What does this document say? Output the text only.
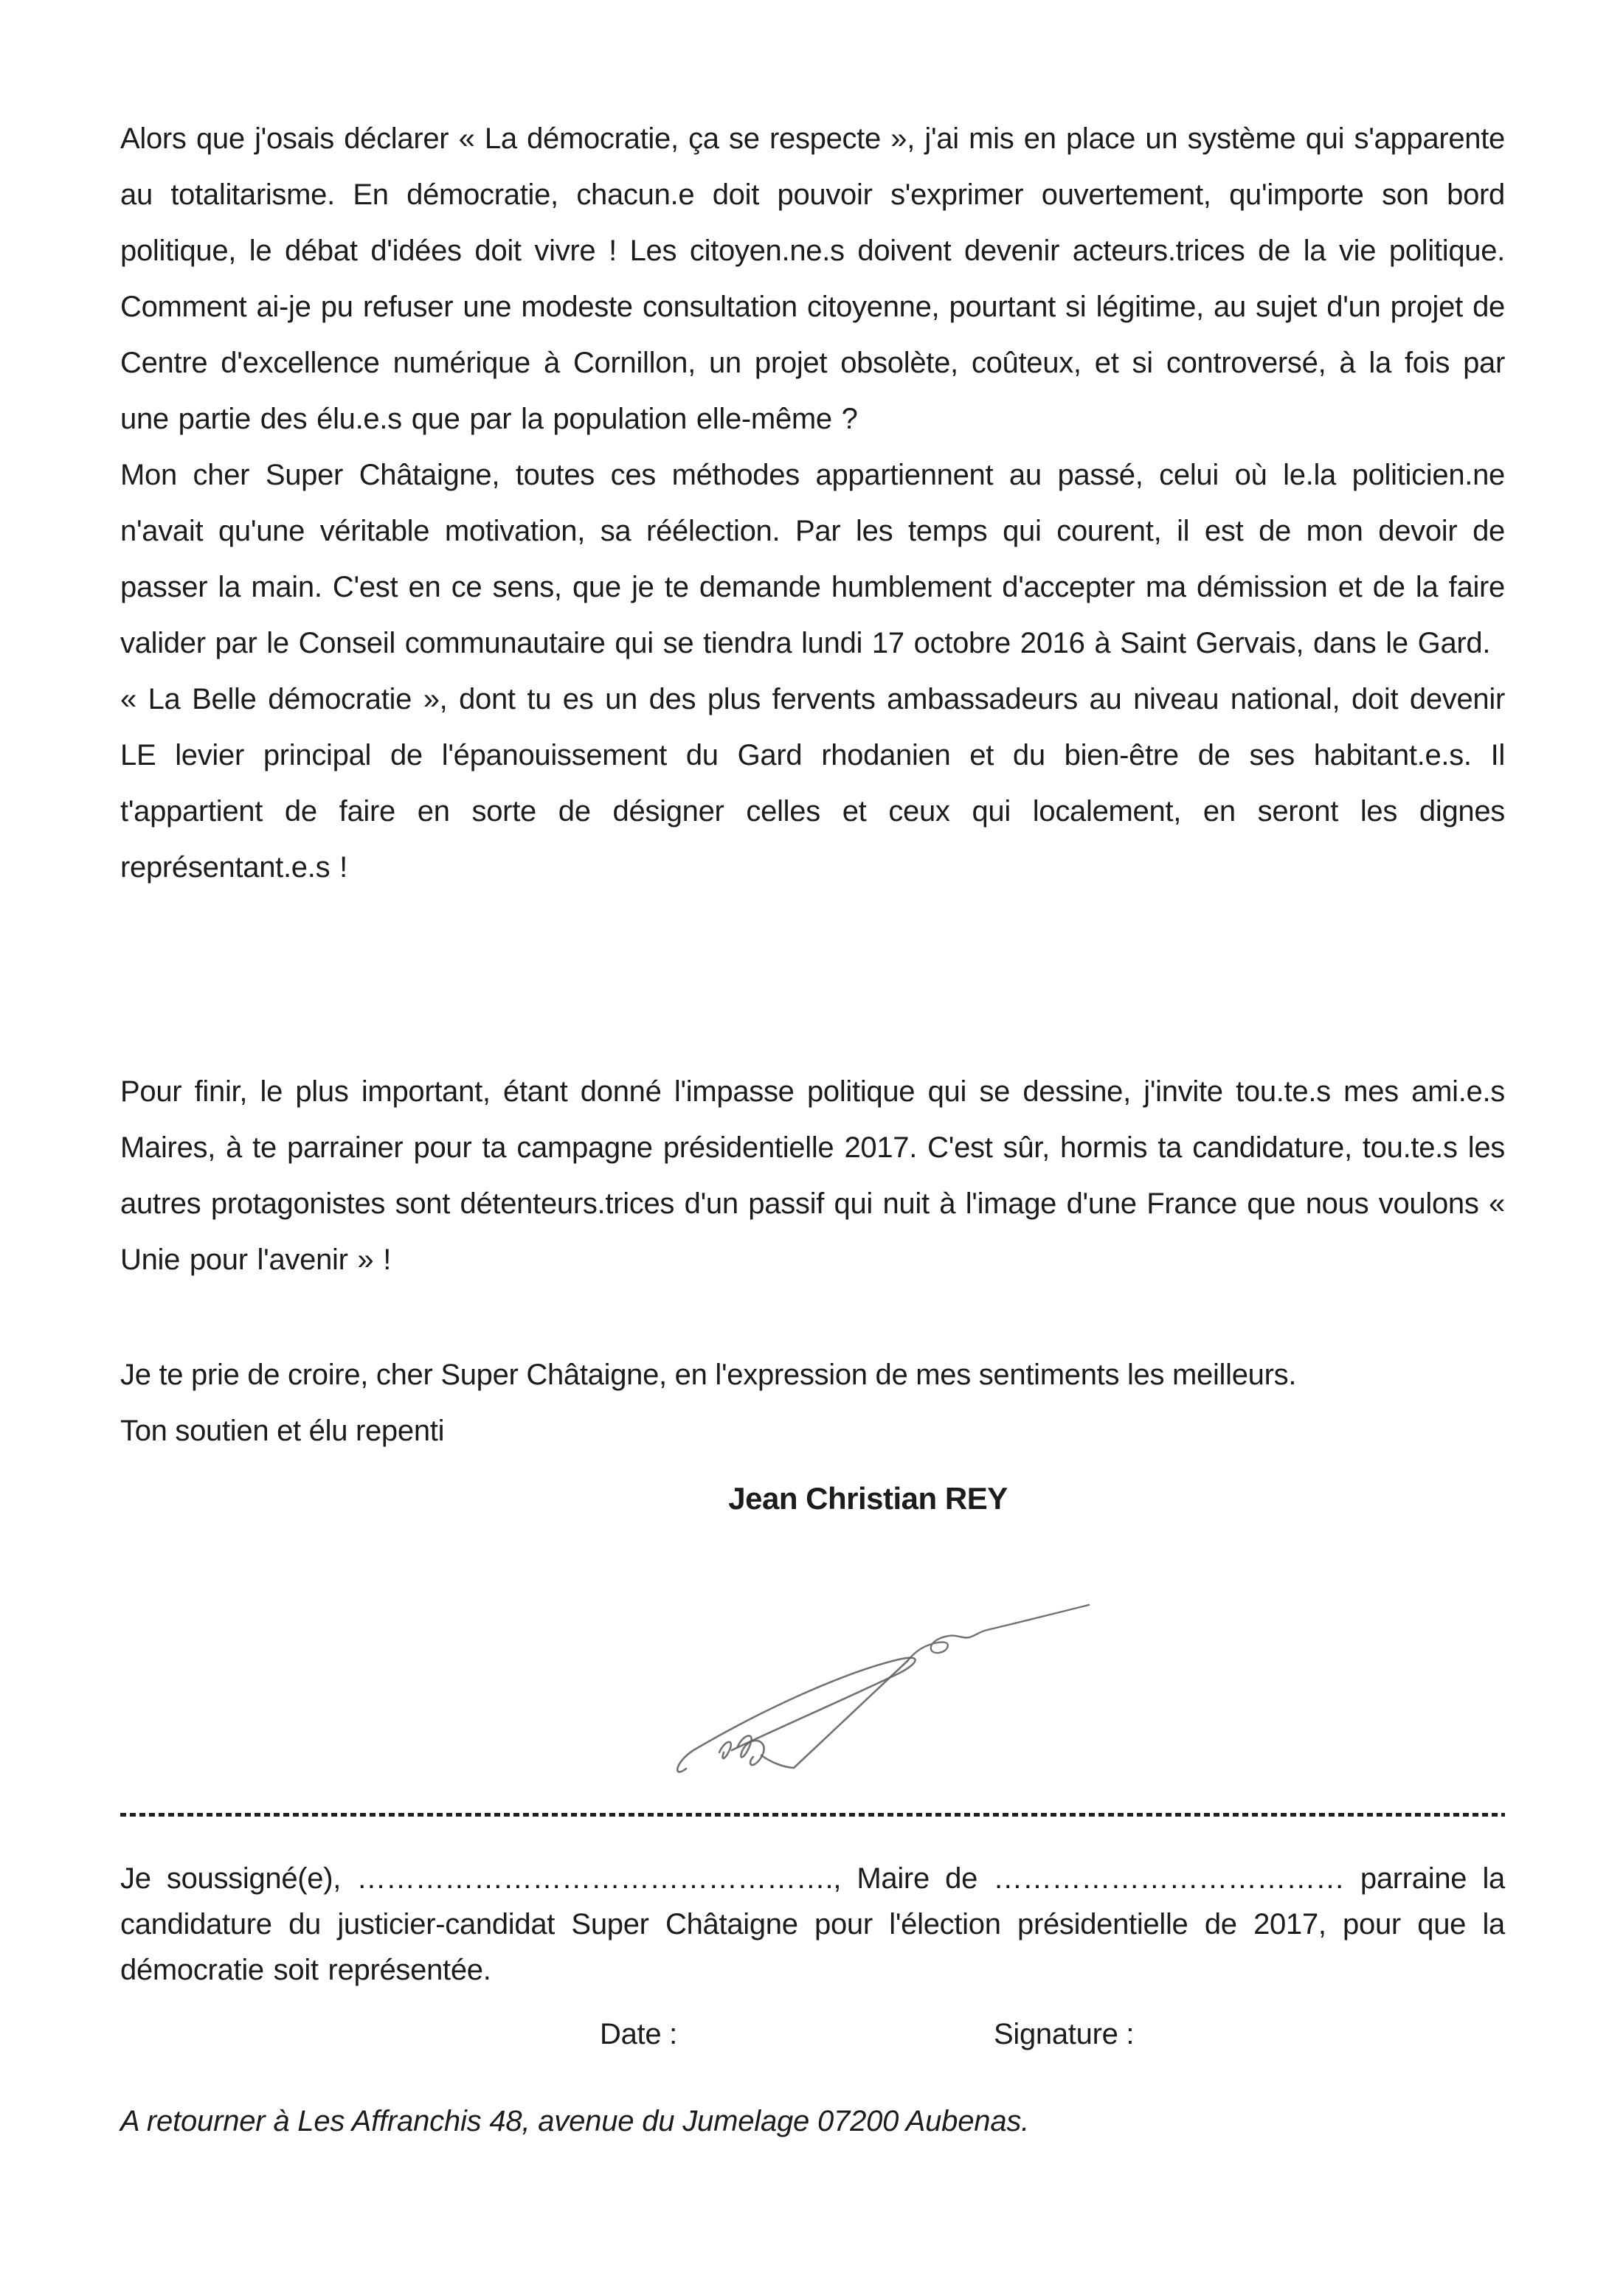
Alors que j'osais déclarer « La démocratie, ça se respecte », j'ai mis en place un système qui s'apparente au totalitarisme. En démocratie, chacun.e doit pouvoir s'exprimer ouvertement, qu'importe son bord politique, le débat d'idées doit vivre ! Les citoyen.ne.s doivent devenir acteurs.trices de la vie politique. Comment ai-je pu refuser une modeste consultation citoyenne, pourtant si légitime, au sujet d'un projet de Centre d'excellence numérique à Cornillon, un projet obsolète, coûteux, et si controversé, à la fois par une partie des élu.e.s que par la population elle-même ?

Mon cher Super Châtaigne, toutes ces méthodes appartiennent au passé, celui où le.la politicien.ne n'avait qu'une véritable motivation, sa réélection. Par les temps qui courent, il est de mon devoir de passer la main. C'est en ce sens, que je te demande humblement d'accepter ma démission et de la faire valider par le Conseil communautaire qui se tiendra lundi 17 octobre 2016 à Saint Gervais, dans le Gard.

« La Belle démocratie », dont tu es un des plus fervents ambassadeurs au niveau national, doit devenir LE levier principal de l'épanouissement du Gard rhodanien et du bien-être de ses habitant.e.s. Il t'appartient de faire en sorte de désigner celles et ceux qui localement, en seront les dignes représentant.e.s !

Pour finir, le plus important, étant donné l'impasse politique qui se dessine, j'invite tou.te.s mes ami.e.s Maires, à te parrainer pour ta campagne présidentielle 2017. C'est sûr, hormis ta candidature, tou.te.s les autres protagonistes sont détenteurs.trices d'un passif qui nuit à l'image d'une France que nous voulons « Unie pour l'avenir » !

Je te prie de croire, cher Super Châtaigne, en l'expression de mes sentiments les meilleurs.

Ton soutien et élu repenti

Jean Christian REY

Je soussigné(e), …………………………………………., Maire de ……………………………… parraine la candidature du justicier-candidat Super Châtaigne pour l'élection présidentielle de 2017, pour que la démocratie soit représentée.

Date :	Signature :
A retourner à Les Affranchis 48, avenue du Jumelage 07200 Aubenas.
